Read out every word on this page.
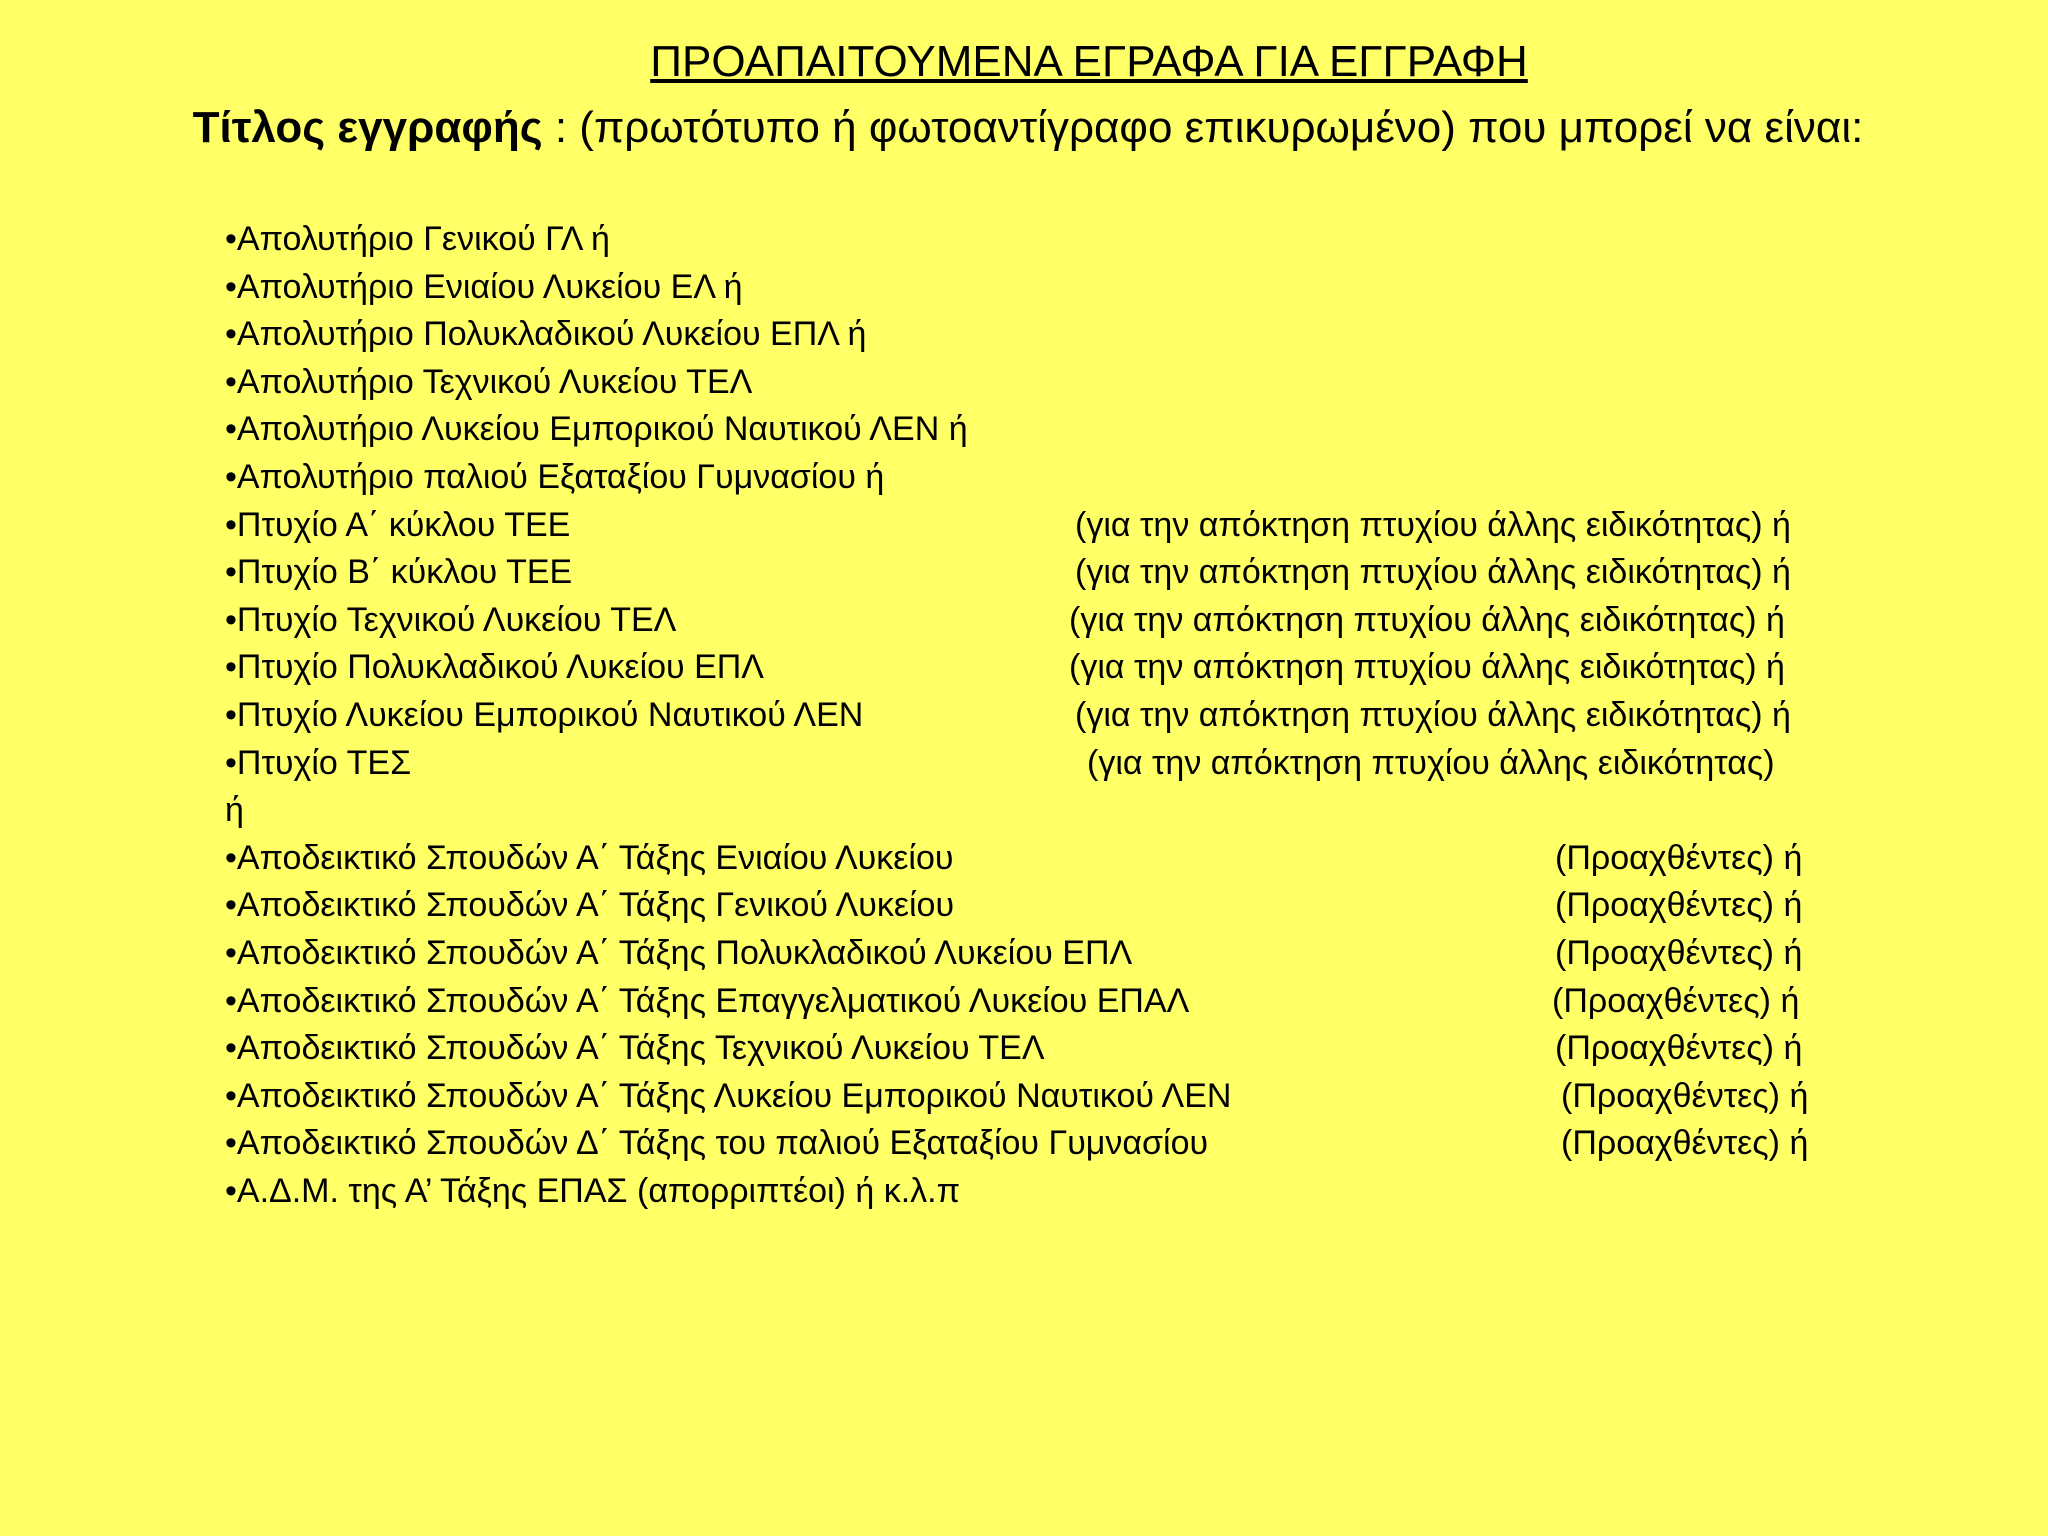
ΠΡΟΑΠΑΙΤΟΥΜΕΝΑ ΕΓΡΑΦΑ ΓΙΑ ΕΓΓΡΑΦΗ
Τίτλος εγγραφής : (πρωτότυπο ή φωτοαντίγραφο επικυρωμένο) που μπορεί να είναι:
•Απολυτήριο Γενικού ΓΛ ή
•Απολυτήριο Ενιαίου Λυκείου ΕΛ ή
•Απολυτήριο Πολυκλαδικού Λυκείου ΕΠΛ ή
•Απολυτήριο Τεχνικού Λυκείου ΤΕΛ
•Απολυτήριο Λυκείου Εμπορικού Ναυτικού ΛΕΝ ή
•Απολυτήριο παλιού Εξαταξίου Γυμνασίου ή
•Πτυχίο Α΄ κύκλου ΤΕΕ	(για την απόκτηση πτυχίου άλλης ειδικότητας) ή
•Πτυχίο Β΄ κύκλου ΤΕΕ	(για την απόκτηση πτυχίου άλλης ειδικότητας) ή
•Πτυχίο Τεχνικού Λυκείου ΤΕΛ	(για την απόκτηση πτυχίου άλλης ειδικότητας) ή
•Πτυχίο Πολυκλαδικού Λυκείου ΕΠΛ	(για την απόκτηση πτυχίου άλλης ειδικότητας) ή
•Πτυχίο Λυκείου Εμπορικού Ναυτικού ΛΕΝ	(για την απόκτηση πτυχίου άλλης ειδικότητας) ή
•Πτυχίο ΤΕΣ	(για την απόκτηση πτυχίου άλλης ειδικότητας)
ή
•Αποδεικτικό Σπουδών Α΄ Τάξης Ενιαίου Λυκείου	(Προαχθέντες) ή
•Αποδεικτικό Σπουδών Α΄ Τάξης Γενικού Λυκείου	(Προαχθέντες) ή
•Αποδεικτικό Σπουδών Α΄ Τάξης Πολυκλαδικού Λυκείου ΕΠΛ	(Προαχθέντες) ή
•Αποδεικτικό Σπουδών Α΄ Τάξης Επαγγελματικού Λυκείου ΕΠΑΛ	(Προαχθέντες) ή
•Αποδεικτικό Σπουδών Α΄ Τάξης Τεχνικού Λυκείου ΤΕΛ	(Προαχθέντες) ή
•Αποδεικτικό Σπουδών Α΄ Τάξης Λυκείου Εμπορικού Ναυτικού ΛΕΝ	(Προαχθέντες) ή
•Αποδεικτικό Σπουδών Δ΄ Τάξης του παλιού Εξαταξίου Γυμνασίου	(Προαχθέντες) ή
•Α.Δ.Μ. της Α’ Τάξης ΕΠΑΣ (απορριπτέοι) ή κ.λ.π
